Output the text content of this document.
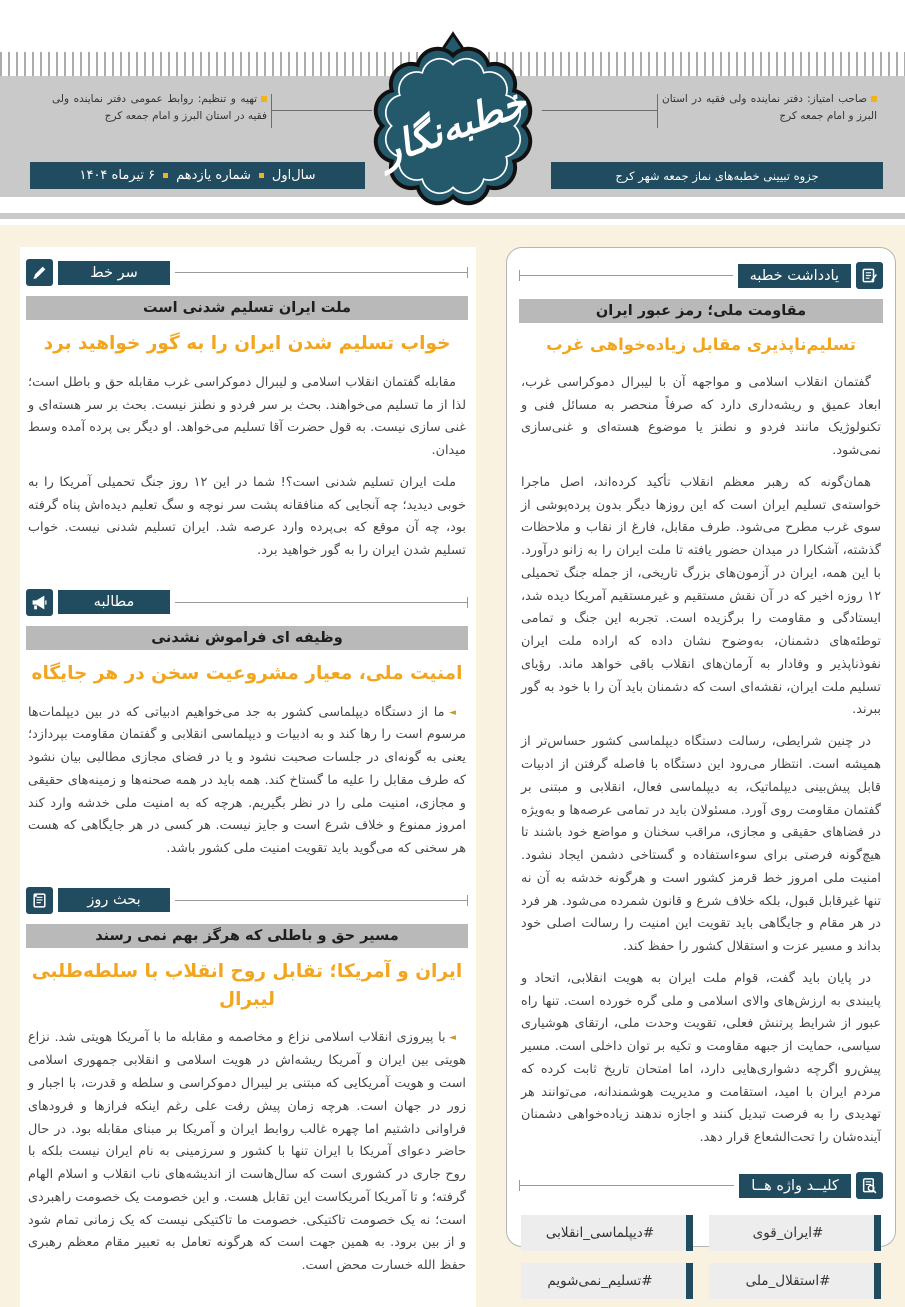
صاحب امتیاز: دفتر نماینده ولی فقیه در استان البرز و امام جمعه کرج
تهیه و تنظیم: روابط عمومی دفتر نماینده ولی فقیه در استان البرز و امام جمعه کرج
سال‌اول
شماره یازدهم
۶ تیرماه ۱۴۰۴	جزوه تبیینی خطبه‌های نماز جمعه شهر کرج
خطبه‌نگار
یادداشت خطبه
مقاومت ملی؛ رمز عبور ایران
تسلیم‌ناپذیری مقابل زیاده‌خواهی غرب

گفتمان انقلاب اسلامی و مواجهه آن با لیبرال دموکراسی غرب، ابعاد عمیق و ریشه‌داری دارد که صرفاً منحصر به مسائل فنی و تکنولوژیک مانند فردو و نطنز یا موضوع هسته‌ای و غنی‌سازی نمی‌شود.

همان‌گونه که رهبر معظم انقلاب تأکید کرده‌اند، اصل ماجرا خواسته‌ی تسلیم ایران است که این روزها دیگر بدون پرده‌پوشی از سوی غرب مطرح می‌شود. طرف مقابل، فارغ از نقاب و ملاحظات گذشته، آشکارا در میدان حضور یافته تا ملت ایران را به زانو درآورد. با این همه، ایران در آزمون‌های بزرگ تاریخی، از جمله جنگ تحمیلی ۱۲ روزه اخیر که در آن نقش مستقیم و غیرمستقیم آمریکا دیده شد، ایستادگی و مقاومت را برگزیده است. تجربه این جنگ و تمامی توطئه‌های دشمنان، به‌وضوح نشان داده که اراده ملت ایران نفوذناپذیر و وفادار به آرمان‌های انقلاب باقی خواهد ماند. رؤیای تسلیم ملت ایران، نقشه‌ای است که دشمنان باید آن را با خود به گور ببرند.

در چنین شرایطی، رسالت دستگاه دیپلماسی کشور حساس‌تر از همیشه است. انتظار می‌رود این دستگاه با فاصله گرفتن از ادبیات قابل پیش‌بینی دیپلماتیک، به دیپلماسی فعال، انقلابی و مبتنی بر گفتمان مقاومت روی آورد. مسئولان باید در تمامی عرصه‌ها و به‌ویژه در فضاهای حقیقی و مجازی، مراقب سخنان و مواضع خود باشند تا هیچ‌گونه فرصتی برای سوءاستفاده و گستاخی دشمن ایجاد نشود. امنیت ملی امروز خط قرمز کشور است و هرگونه خدشه به آن نه تنها غیرقابل قبول، بلکه خلاف شرع و قانون شمرده می‌شود. هر فرد در هر مقام و جایگاهی باید تقویت این امنیت را رسالت اصلی خود بداند و مسیر عزت و استقلال کشور را حفظ کند.

در پایان باید گفت، قوام ملت ایران به هویت انقلابی، اتحاد و پایبندی به ارزش‌های والای اسلامی و ملی گره خورده است. تنها راه عبور از شرایط پرتنش فعلی، تقویت وحدت ملی، ارتقای هوشیاری سیاسی، حمایت از جبهه مقاومت و تکیه بر توان داخلی است. مسیر پیش‌رو اگرچه دشواری‌هایی دارد، اما امتحان تاریخ ثابت کرده که مردم ایران با امید، استقامت و مدیریت هوشمندانه، می‌توانند هر تهدیدی را به فرصت تبدیل کنند و اجازه ندهند زیاده‌خواهی دشمنان آینده‌شان را تحت‌الشعاع قرار دهد.

کلیــد واژه هــا
#ایران_قوی
#دیپلماسی_انقلابی
#استقلال_ملی
#تسلیم_نمی‌شویم
سر خط
ملت ایران تسلیم شدنی است
خواب تسلیم شدن ایران را به گور خواهید برد

مقابله گفتمان انقلاب اسلامی و لیبرال دموکراسی غرب مقابله حق و باطل است؛ لذا از ما تسلیم می‌خواهند. بحث بر سر فردو و نطنز نیست. بحث بر سر هسته‌ای و غنی سازی نیست. به قول حضرت آقا تسلیم می‌خواهد. او دیگر بی پرده آمده وسط میدان.

ملت ایران تسلیم شدنی است؟! شما در این ۱۲ روز جنگ تحمیلی آمریکا را به خوبی دیدید؛ چه آنجایی که منافقانه پشت سر نوچه و سگ تعلیم دیده‌اش پناه گرفته بود، چه آن موقع که بی‌پرده وارد عرصه شد. ایران تسلیم شدنی نیست. خواب تسلیم شدن ایران را به گور خواهید برد.

مطالبه
وظیفه ای فراموش نشدنی
امنیت ملی، معیار مشروعیت سخن در هر جایگاه

◄ ما از دستگاه دیپلماسی کشور به جد می‌خواهیم ادبیاتی که در بین دیپلمات‌ها مرسوم است را رها کند و به ادبیات و دیپلماسی انقلابی و گفتمان مقاومت بپردازد؛ یعنی به گونه‌ای در جلسات صحبت نشود و یا در فضای مجازی مطالبی بیان نشود که طرف مقابل را علیه ما گستاخ کند. همه باید در همه صحنه‌ها و زمینه‌های حقیقی و مجازی، امنیت ملی را در نظر بگیریم. هرچه که به امنیت ملی خدشه وارد کند امروز ممنوع و خلاف شرع است و جایز نیست. هر کسی در هر جایگاهی که هست هر سخنی که می‌گوید باید تقویت امنیت ملی کشور باشد.

بحث روز
مسیر حق و باطلی که هرگز بهم نمی رسند
ایران و آمریکا؛ تقابل روح انقلاب با سلطه‌طلبی لیبرال

◄ با پیروزی انقلاب اسلامی نزاع و مخاصمه و مقابله ما با آمریکا هویتی شد. نزاع هویتی بین ایران و آمریکا ریشه‌اش در هویت اسلامی و انقلابی جمهوری اسلامی است و هویت آمریکایی که مبتنی بر لیبرال دموکراسی و سلطه و قدرت، با اجبار و زور در جهان است. هرچه زمان پیش رفت علی رغم اینکه فرازها و فرودهای فراوانی داشتیم اما چهره غالب روابط ایران و آمریکا بر مبنای مقابله بود. در حال حاضر دعوای آمریکا با ایران تنها با کشور و سرزمینی به نام ایران نیست بلکه با روح جاری در کشوری است که سال‌هاست از اندیشه‌های ناب انقلاب و اسلام الهام گرفته؛ و تا آمریکا آمریکاست این تقابل هست. و این خصومت یک خصومت راهبردی است؛ نه یک خصومت تاکتیکی. خصومت ما تاکتیکی نیست که یک زمانی تمام شود و از بین برود. به همین جهت است که هرگونه تعامل به تعبیر مقام معظم رهبری حفظ الله خسارت محض است.
